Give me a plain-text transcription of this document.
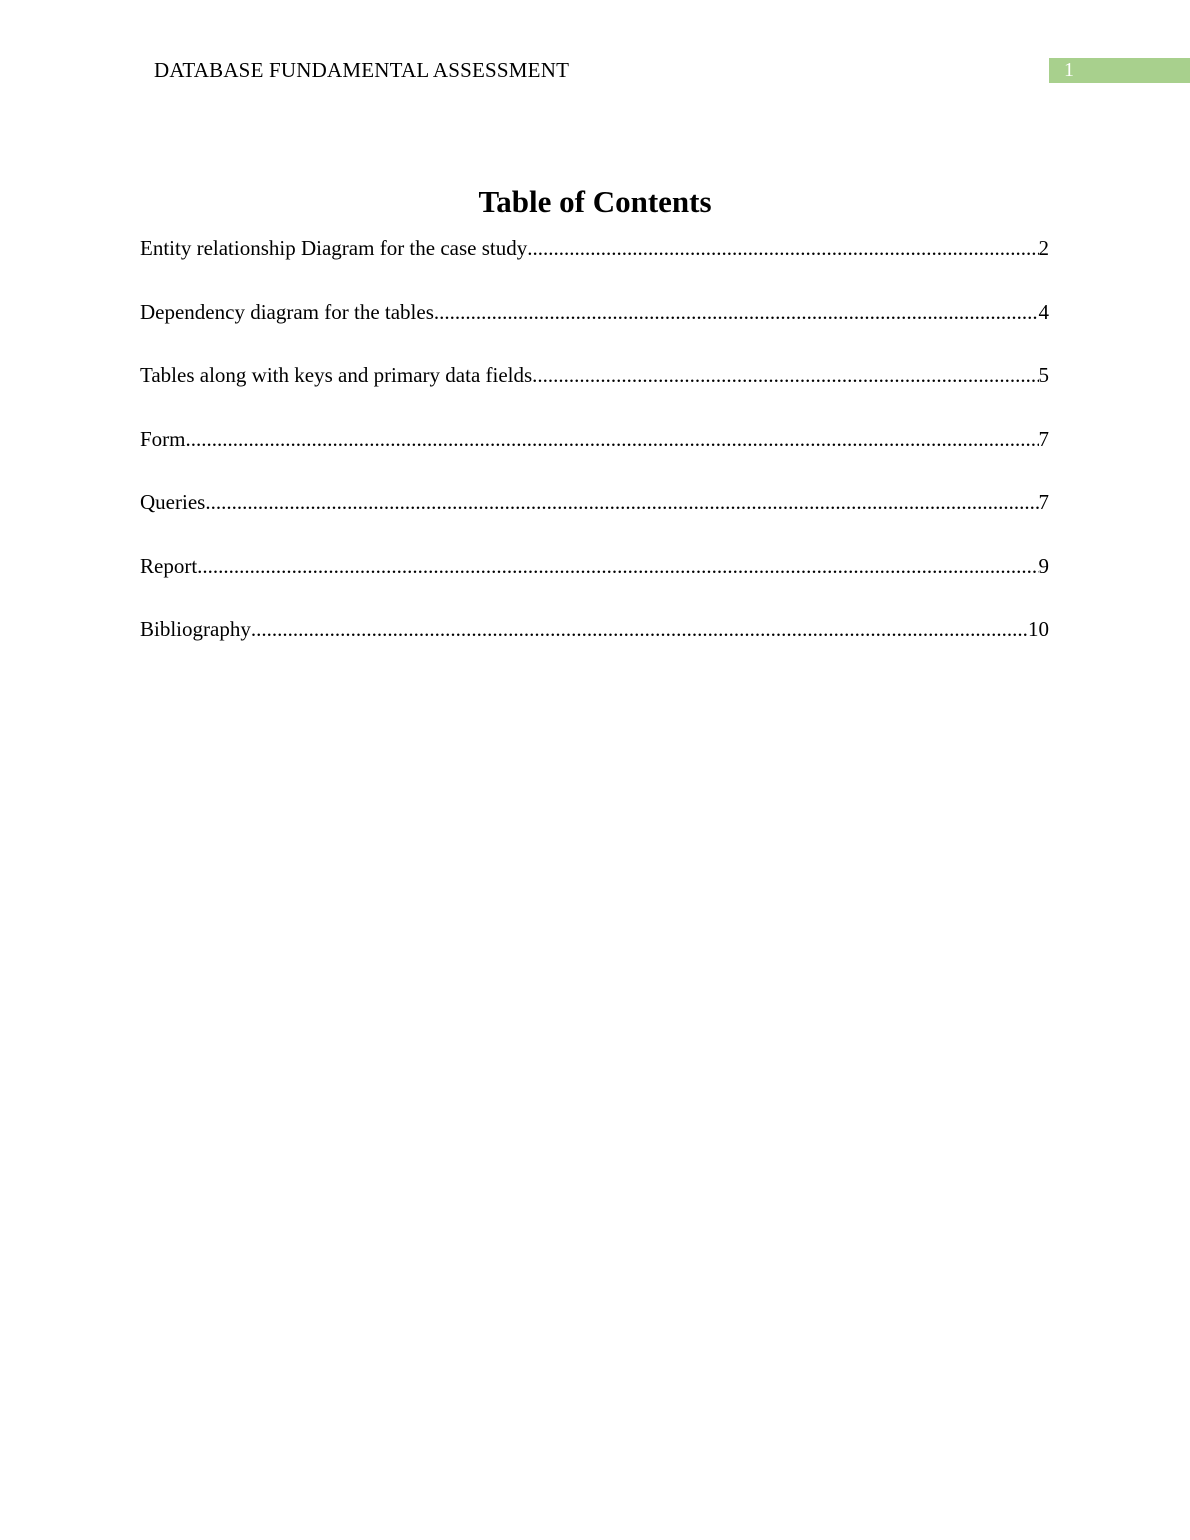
DATABASE FUNDAMENTAL ASSESSMENT	1
Table of Contents
Entity relationship Diagram for the case study .....	2
Dependency diagram for the tables .....	4
Tables along with keys and primary data fields .....	5
Form .....	7
Queries .....	7
Report .....	9
Bibliography .....	10
